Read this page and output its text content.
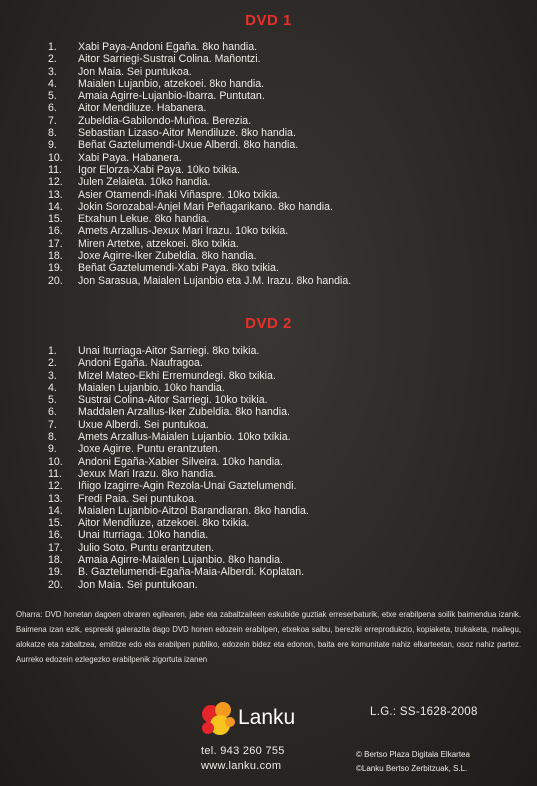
DVD 1
1. Xabi Paya-Andoni Egaña. 8ko handia.
2. Aitor Sarriegi-Sustrai Colina. Mañontzi.
3. Jon Maia. Sei puntukoa.
4. Maialen Lujanbio, atzekoei. 8ko handia.
5. Amaia Agirre-Lujanbio-Ibarra. Puntutan.
6. Aitor Mendiluze. Habanera.
7. Zubeldia-Gabilondo-Muñoa. Berezia.
8. Sebastian Lizaso-Aitor Mendiluze. 8ko handia.
9. Beñat Gaztelumendi-Uxue Alberdi. 8ko handia.
10. Xabi Paya. Habanera.
11. Igor Elorza-Xabi Paya. 10ko txikia.
12. Julen Zelaieta. 10ko handia.
13. Asier Otamendi-Iñaki Viñaspre. 10ko txikia.
14. Jokin Sorozabal-Anjel Mari Peñagarikano. 8ko handia.
15. Etxahun Lekue. 8ko handia.
16. Amets Arzallus-Jexux Mari Irazu. 10ko txikia.
17. Miren Artetxe, atzekoei. 8ko txikia.
18. Joxe Agirre-Iker Zubeldia. 8ko handia.
19. Beñat Gaztelumendi-Xabi Paya. 8ko txikia.
20. Jon Sarasua, Maialen Lujanbio eta J.M. Irazu. 8ko handia.
DVD 2
1. Unai Iturriaga-Aitor Sarriegi. 8ko txikia.
2. Andoni Egaña. Naufragoa.
3. Mizel Mateo-Ekhi Erremundegi. 8ko txikia.
4. Maialen Lujanbio. 10ko handia.
5. Sustrai Colina-Aitor Sarriegi. 10ko txikia.
6. Maddalen Arzallus-Iker Zubeldia. 8ko handia.
7. Uxue Alberdi. Sei puntukoa.
8. Amets Arzallus-Maialen Lujanbio. 10ko txikia.
9. Joxe Agirre. Puntu erantzuten.
10. Andoni Egaña-Xabier Silveira. 10ko handia.
11. Jexux Mari Irazu. 8ko handia.
12. Iñigo Izagirre-Agin Rezola-Unai Gaztelumendi.
13. Fredi Paia. Sei puntukoa.
14. Maialen Lujanbio-Aitzol Barandiaran. 8ko handia.
15. Aitor Mendiluze, atzekoei. 8ko txikia.
16. Unai Iturriaga. 10ko handia.
17. Julio Soto. Puntu erantzuten.
18. Amaia Agirre-Maialen Lujanbio. 8ko handia.
19. B. Gaztelumendi-Egaña-Maia-Alberdi. Koplatan.
20. Jon Maia. Sei puntukoan.
Oharra: DVD honetan dagoen obraren egilearen, jabe eta zabaltzaileen eskubide guztiak erreserbaturik, etxe erabilpena soilik baimendua izanik. Baimena izan ezik, espreski galerazita dago DVD honen edozein erabilpen, etxekoa salbu, bereziki erreprodukzio, kopiaketa, trukaketa, mailegu, alokatze eta zabaltzea, emititze edo eta erabilpen publiko, edozein bidez eta edonon, baita ere komunitate nahiz elkarteetan, osoz nahiz partez. Aurreko edozein ezlegezko erabilpenik zigortuta izanen
Lanku
tel. 943 260 755
www.lanku.com
L.G.: SS-1628-2008
© Bertso Plaza Digitala Elkartea
©Lanku Bertso Zerbitzuak, S.L.
